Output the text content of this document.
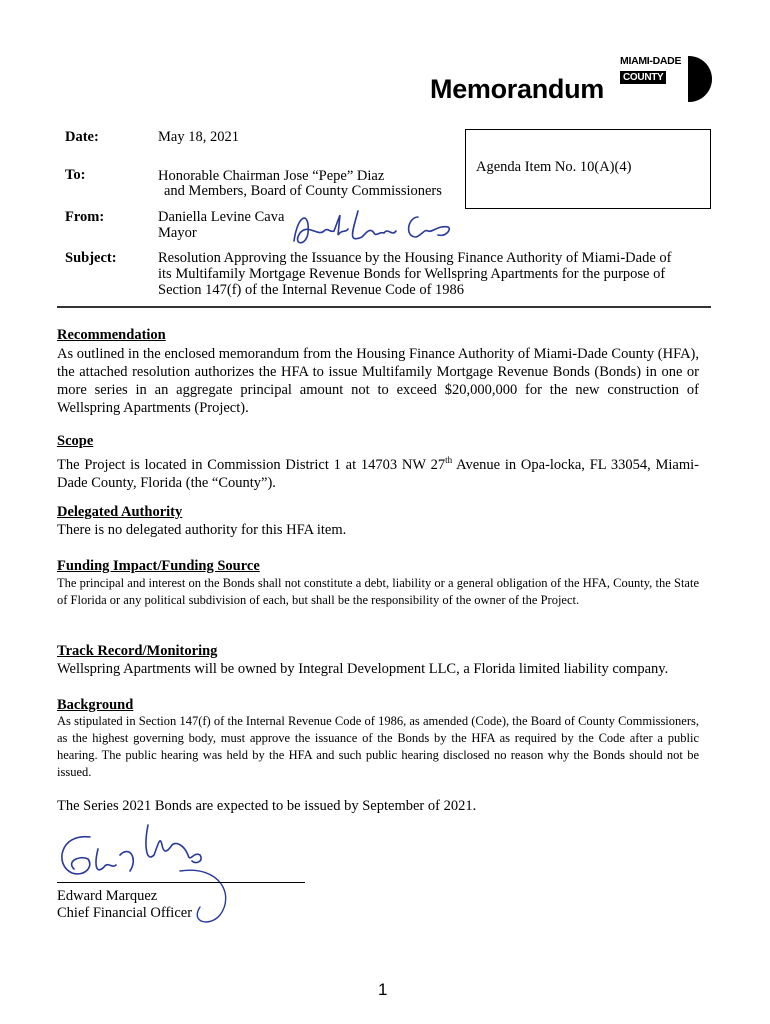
Memorandum
MIAMI-DADE
COUNTY
Date:	May 18, 2021
Agenda Item No. 10(A)(4)
To:	Honorable Chairman Jose “Pepe” Diaz
and Members, Board of County Commissioners
From:	Daniella Levine Cava
Mayor
Subject:	Resolution Approving the Issuance by the Housing Finance Authority of Miami-Dade of
its Multifamily Mortgage Revenue Bonds for Wellspring Apartments for the purpose of
Section 147(f) of the Internal Revenue Code of 1986
Recommendation
As outlined in the enclosed memorandum from the Housing Finance Authority of Miami-Dade County (HFA), the attached resolution authorizes the HFA to issue Multifamily Mortgage Revenue Bonds (Bonds) in one or more series in an aggregate principal amount not to exceed $20,000,000 for the new construction of Wellspring Apartments (Project).
Scope
The Project is located in Commission District 1 at 14703 NW 27th Avenue in Opa-locka, FL 33054, Miami-Dade County, Florida (the “County”).
Delegated Authority
There is no delegated authority for this HFA item.
Funding Impact/Funding Source
The principal and interest on the Bonds shall not constitute a debt, liability or a general obligation of the HFA, County, the State of Florida or any political subdivision of each, but shall be the responsibility of the owner of the Project.
Track Record/Monitoring
Wellspring Apartments will be owned by Integral Development LLC, a Florida limited liability company.
Background
As stipulated in Section 147(f) of the Internal Revenue Code of 1986, as amended (Code), the Board of County Commissioners, as the highest governing body, must approve the issuance of the Bonds by the HFA as required by the Code after a public hearing. The public hearing was held by the HFA and such public hearing disclosed no reason why the Bonds should not be issued.
The Series 2021 Bonds are expected to be issued by September of 2021.
Edward Marquez
Chief Financial Officer
1
